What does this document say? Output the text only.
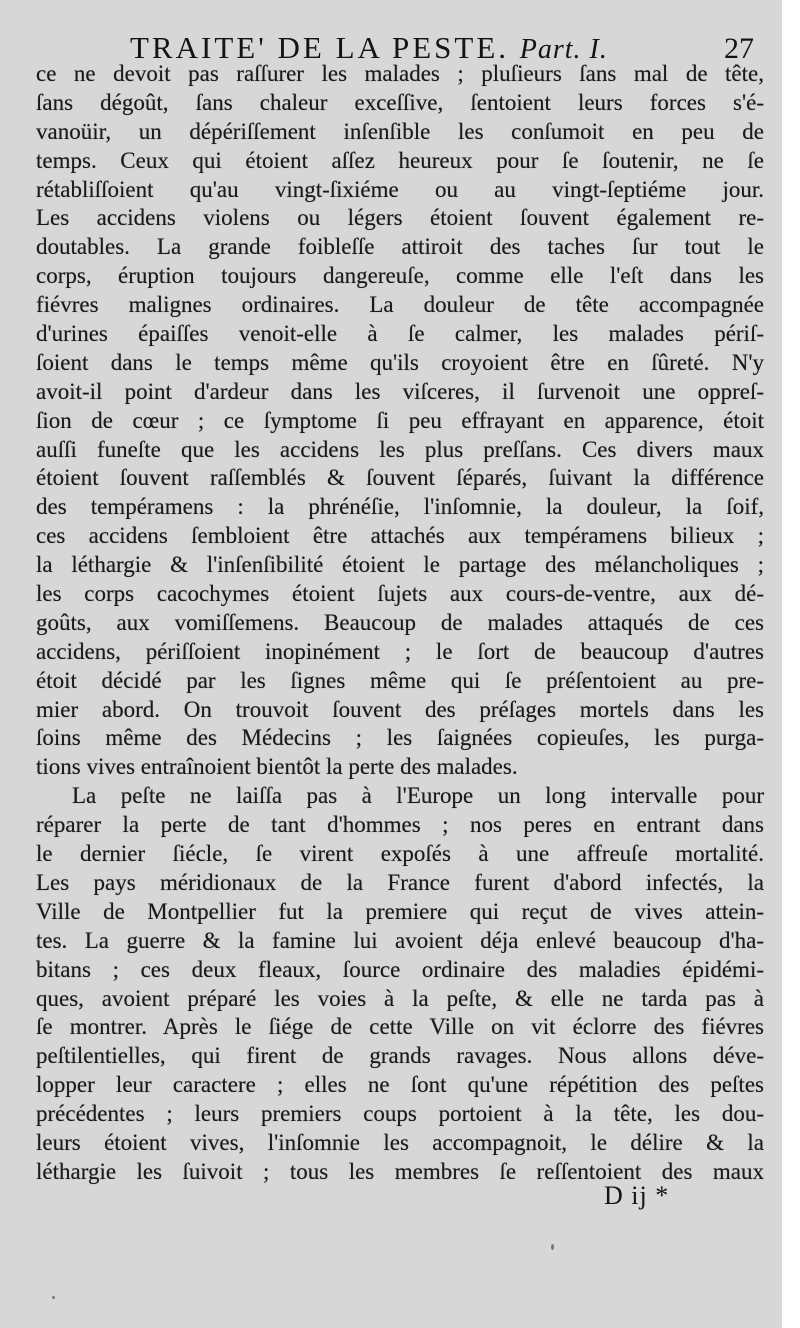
TRAITE' DE LA PESTE. Part. I.	27
ce ne devoit pas raſſurer les malades ; pluſieurs ſans mal de tête,
ſans dégoût, ſans chaleur exceſſive, ſentoient leurs forces s'é-
vanoüir, un dépériſſement inſenſible les conſumoit en peu de
temps. Ceux qui étoient aſſez heureux pour ſe ſoutenir, ne ſe
rétabliſſoient qu'au vingt-ſixiéme ou au vingt-ſeptiéme jour.
Les accidens violens ou légers étoient ſouvent également re-
doutables. La grande foibleſſe attiroit des taches ſur tout le
corps, éruption toujours dangereuſe, comme elle l'eſt dans les
fiévres malignes ordinaires. La douleur de tête accompagnée
d'urines épaiſſes venoit-elle à ſe calmer, les malades périſ-
ſoient dans le temps même qu'ils croyoient être en ſûreté. N'y
avoit-il point d'ardeur dans les viſceres, il ſurvenoit une oppreſ-
ſion de cœur ; ce ſymptome ſi peu effrayant en apparence, étoit
auſſi funeſte que les accidens les plus preſſans. Ces divers maux
étoient ſouvent raſſemblés & ſouvent ſéparés, ſuivant la différence
des tempéramens : la phrénéſie, l'inſomnie, la douleur, la ſoif,
ces accidens ſembloient être attachés aux tempéramens bilieux ;
la léthargie & l'inſenſibilité étoient le partage des mélancholiques ;
les corps cacochymes étoient ſujets aux cours-de-ventre, aux dé-
goûts, aux vomiſſemens. Beaucoup de malades attaqués de ces
accidens, périſſoient inopinément ; le ſort de beaucoup d'autres
étoit décidé par les ſignes même qui ſe préſentoient au pre-
mier abord. On trouvoit ſouvent des préſages mortels dans les
ſoins même des Médecins ; les ſaignées copieuſes, les purga-
tions vives entraînoient bientôt la perte des malades.
La peſte ne laiſſa pas à l'Europe un long intervalle pour
réparer la perte de tant d'hommes ; nos peres en entrant dans
le dernier ſiécle, ſe virent expoſés à une affreuſe mortalité.
Les pays méridionaux de la France furent d'abord infectés, la
Ville de Montpellier fut la premiere qui reçut de vives attein-
tes. La guerre & la famine lui avoient déja enlevé beaucoup d'ha-
bitans ; ces deux fleaux, ſource ordinaire des maladies épidémi-
ques, avoient préparé les voies à la peſte, & elle ne tarda pas à
ſe montrer. Après le ſiége de cette Ville on vit éclorre des fiévres
peſtilentielles, qui firent de grands ravages. Nous allons déve-
lopper leur caractere ; elles ne ſont qu'une répétition des peſtes
précédentes ; leurs premiers coups portoient à la tête, les dou-
leurs étoient vives, l'inſomnie les accompagnoit, le délire & la
léthargie les ſuivoit ; tous les membres ſe reſſentoient des maux
D ij *
